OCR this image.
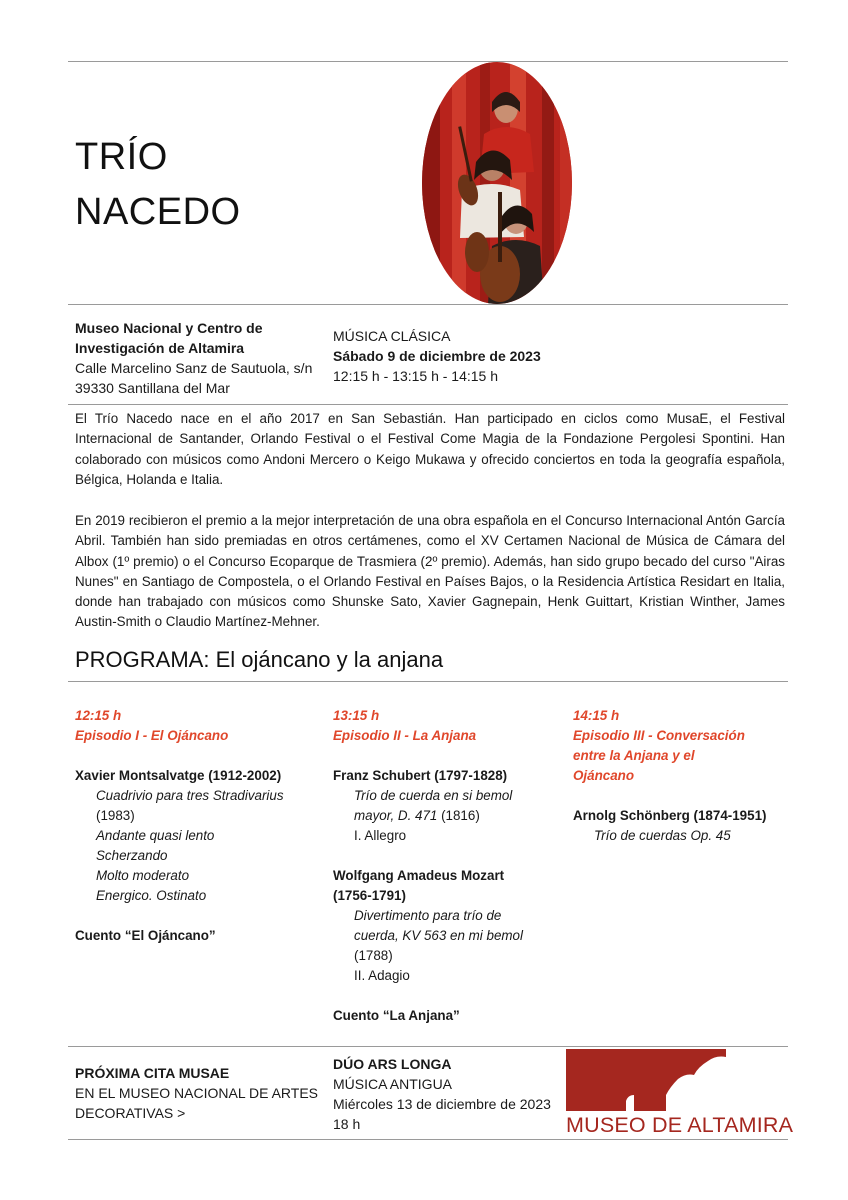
TRÍO
NACEDO
Museo Nacional y Centro de
Investigación de Altamira
Calle Marcelino Sanz de Sautuola, s/n
39330 Santillana del Mar
MÚSICA CLÁSICA
Sábado 9 de diciembre de 2023
12:15 h - 13:15 h - 14:15 h

El Trío Nacedo nace en el año 2017 en San Sebastián. Han participado en ciclos como MusaE, el Festival Internacional de Santander, Orlando Festival o el Festival Come Magia de la Fondazione Pergolesi Spontini. Han colaborado con músicos como Andoni Mercero o Keigo Mukawa y ofrecido conciertos en toda la geografía española, Bélgica, Holanda e Italia.

En 2019 recibieron el premio a la mejor interpretación de una obra española en el Concurso Internacional Antón García Abril. También han sido premiadas en otros certámenes, como el XV Certamen Nacional de Música de Cámara del Albox (1º premio) o el Concurso Ecoparque de Trasmiera (2º premio). Además, han sido grupo becado del curso "Airas Nunes" en Santiago de Compostela, o el Orlando Festival en Países Bajos, o la Residencia Artística Residart en Italia, donde han trabajado con músicos como Shunske Sato, Xavier Gagnepain, Henk Guittart, Kristian Winther, James Austin-Smith o Claudio Martínez-Mehner.

PROGRAMA: El ojáncano y la anjana
12:15 h
Episodio I - El Ojáncano
Xavier Montsalvatge (1912-2002)
Cuadrivio para tres Stradivarius
(1983)
Andante quasi lento
Scherzando
Molto moderato
Energico. Ostinato
Cuento “El Ojáncano”
13:15 h
Episodio II - La Anjana
Franz Schubert (1797-1828)
Trío de cuerda en si bemol
mayor, D. 471 (1816)
I. Allegro
Wolfgang Amadeus Mozart
(1756-1791)
Divertimento para trío de
cuerda, KV 563 en mi bemol
(1788)
II. Adagio
Cuento “La Anjana”
14:15 h
Episodio III - Conversación
entre la Anjana y el
Ojáncano
Arnolg Schönberg (1874-1951)
Trío de cuerdas Op. 45
PRÓXIMA CITA MUSAE
EN EL MUSEO NACIONAL DE ARTES
DECORATIVAS >
DÚO ARS LONGA
MÚSICA ANTIGUA
Miércoles 13 de diciembre de 2023
18 h	MUSEO DE ALTAMIRA
